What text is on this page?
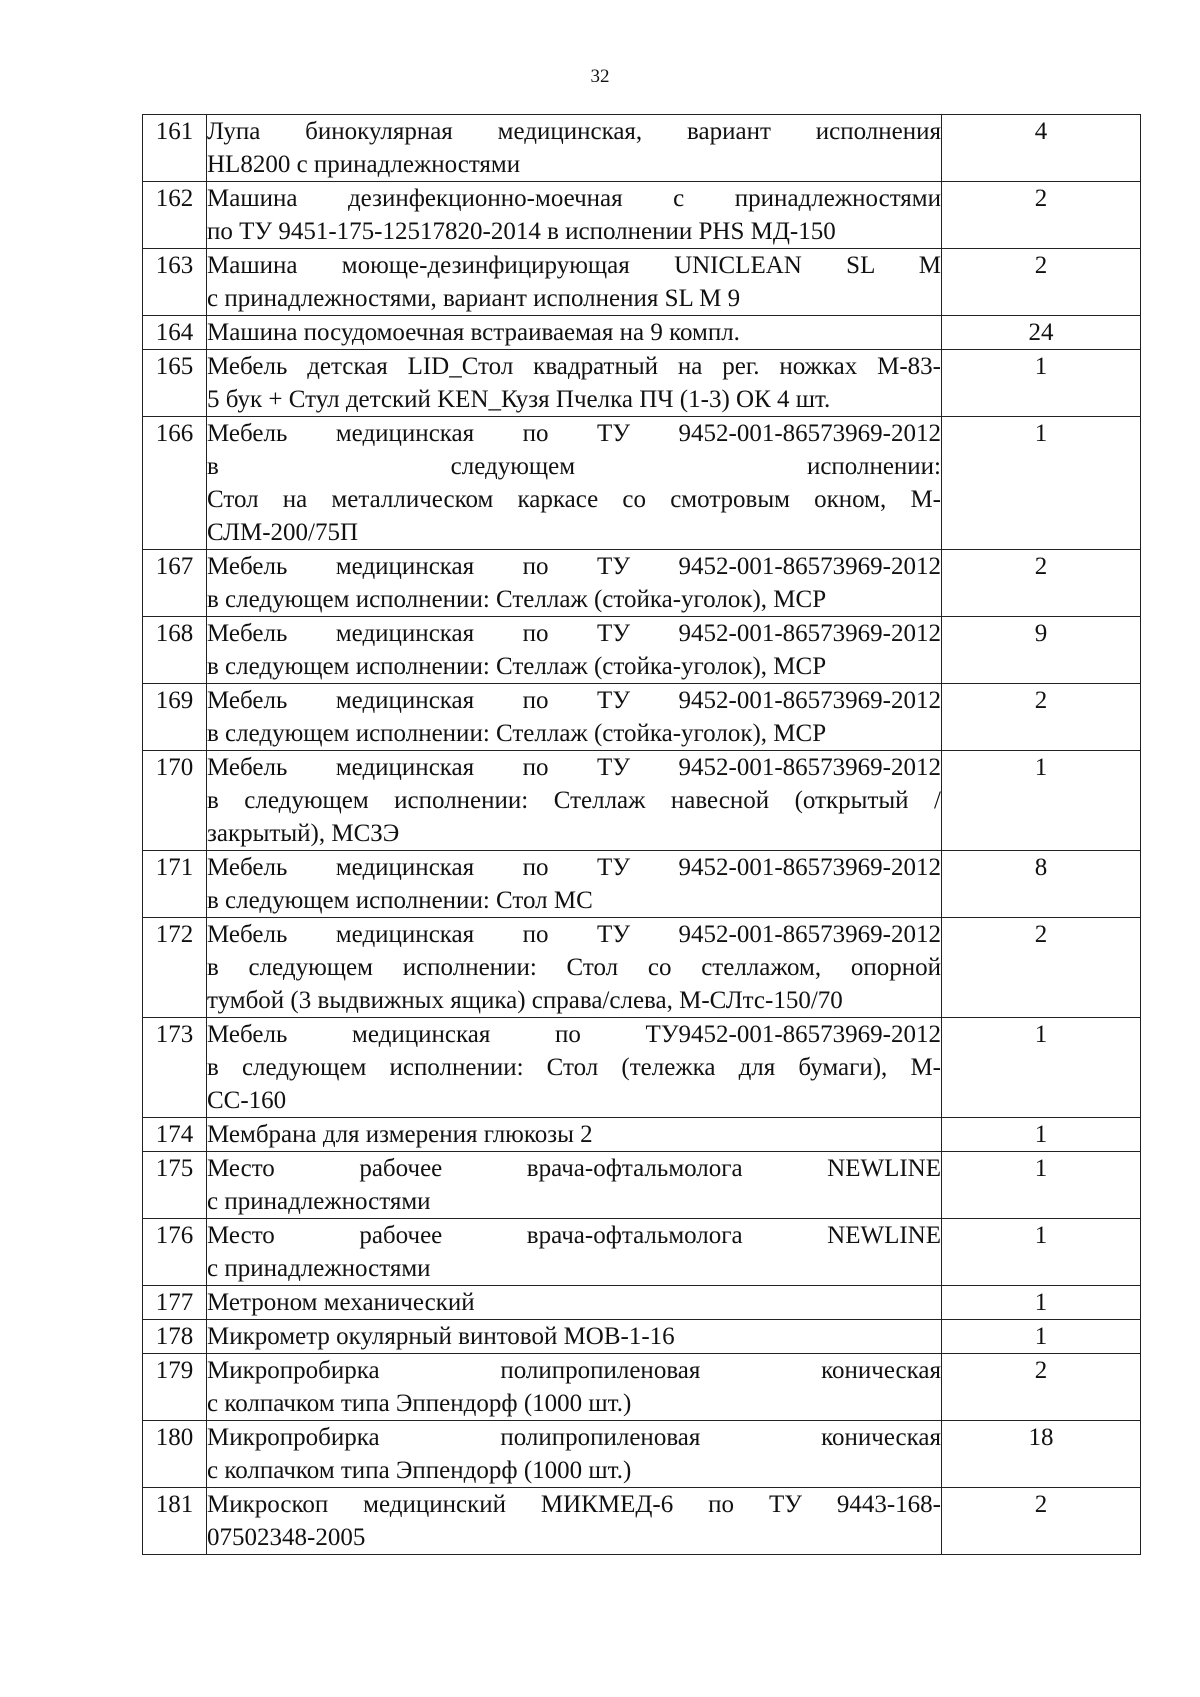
32
161	Лупа бинокулярная медицинская, вариант исполнения
HL8200 с принадлежностями	4
162	Машина дезинфекционно-моечная с принадлежностями
по ТУ 9451-175-12517820-2014 в исполнении PHS МД-150	2
163	Машина моюще-дезинфицирующая UNICLEAN SL M
с принадлежностями, вариант исполнения SL M 9	2
164	Машина посудомоечная встраиваемая на 9 компл.	24
165	Мебель детская LID_Стол квадратный на рег. ножках М-83-
5 бук + Стул детский KEN_Кузя Пчелка ПЧ (1-3) ОК 4 шт.	1
166	Мебель медицинская по ТУ 9452-001-86573969-2012
в следующем исполнении:
Стол на металлическом каркасе со смотровым окном, М-
СЛМ-200/75П	1
167	Мебель медицинская по ТУ 9452-001-86573969-2012
в следующем исполнении: Стеллаж (стойка-уголок), МСР	2
168	Мебель медицинская по ТУ 9452-001-86573969-2012
в следующем исполнении: Стеллаж (стойка-уголок), МСР	9
169	Мебель медицинская по ТУ 9452-001-86573969-2012
в следующем исполнении: Стеллаж (стойка-уголок), МСР	2
170	Мебель медицинская по ТУ 9452-001-86573969-2012
в следующем исполнении: Стеллаж навесной (открытый /
закрытый), МСЗЭ	1
171	Мебель медицинская по ТУ 9452-001-86573969-2012
в следующем исполнении: Стол МС	8
172	Мебель медицинская по ТУ 9452-001-86573969-2012
в следующем исполнении: Стол со стеллажом, опорной
тумбой (3 выдвижных ящика) справа/слева, М-СЛтс-150/70	2
173	Мебель медицинская по ТУ9452-001-86573969-2012
в следующем исполнении: Стол (тележка для бумаги), М-
СС-160	1
174	Мембрана для измерения глюкозы 2	1
175	Место рабочее врача-офтальмолога NEWLINE
с принадлежностями	1
176	Место рабочее врача-офтальмолога NEWLINE
с принадлежностями	1
177	Метроном механический	1
178	Микрометр окулярный винтовой МОВ-1-16	1
179	Микропробирка полипропиленовая коническая
с колпачком типа Эппендорф (1000 шт.)	2
180	Микропробирка полипропиленовая коническая
с колпачком типа Эппендорф (1000 шт.)	18
181	Микроскоп медицинский МИКМЕД-6 по ТУ 9443-168-
07502348-2005	2
